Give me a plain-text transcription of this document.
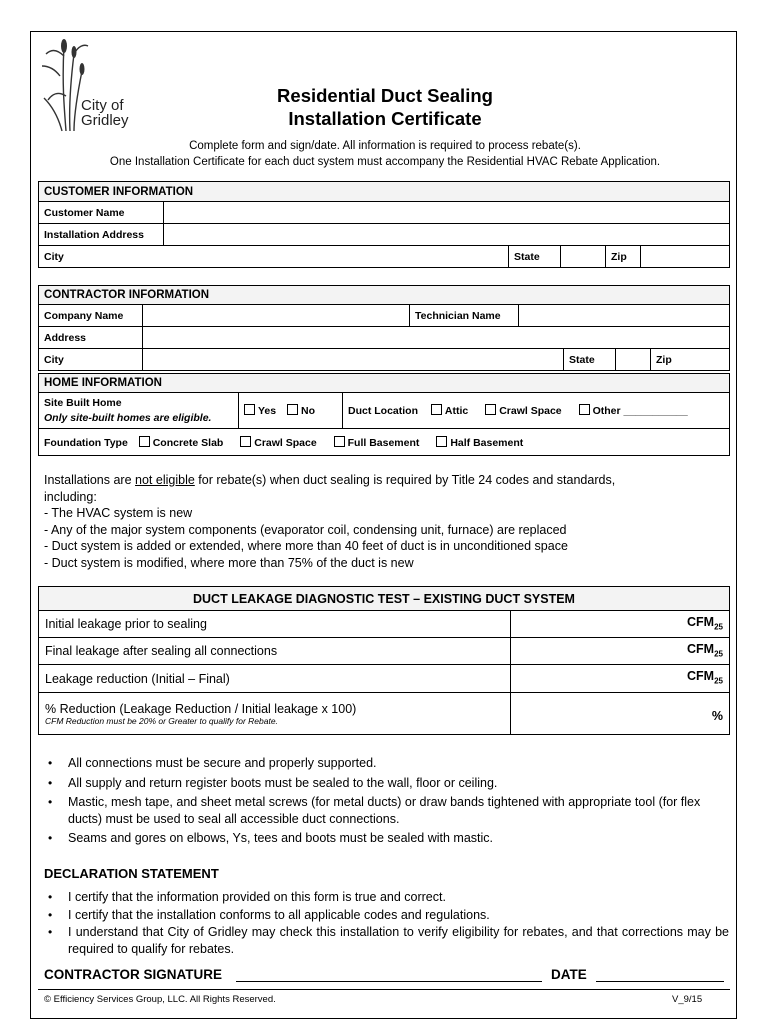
City of
Gridley
Residential Duct Sealing
Installation Certificate
Complete form and sign/date. All information is required to process rebate(s).
One Installation Certificate for each duct system must accompany the Residential HVAC Rebate Application.
CUSTOMER INFORMATION					
Customer Name					
Installation Address					
City		State		Zip	
CONTRACTOR INFORMATION						
Company Name		Technician Name				
Address						
City				State		Zip
HOME INFORMATION

Site Built Home
Only site-built homes are eligible.
	Yes No	Duct Location	Attic	Crawl Space	Other ___________
Foundation Type Concrete Slab	Crawl Space	Full Basement	Half Basement
Installations are not eligible for rebate(s) when duct sealing is required by Title 24 codes and standards,
including:
- The HVAC system is new
- Any of the major system components (evaporator coil, condensing unit, furnace) are replaced
- Duct system is added or extended, where more than 40 feet of duct is in unconditioned space
- Duct system is modified, where more than 75% of the duct is new
DUCT LEAKAGE DIAGNOSTIC TEST – EXISTING DUCT SYSTEM	
Initial leakage prior to sealing	$CFM_{25}$
Final leakage after sealing all connections	$CFM_{25}$
Leakage reduction (Initial – Final)	$CFM_{25}$

% Reduction (Leakage Reduction / Initial leakage x 100)
CFM Reduction must be 20% or Greater to qualify for Rebate.	%
• All connections must be secure and properly supported.
• All supply and return register boots must be sealed to the wall, floor or ceiling.
• Mastic, mesh tape, and sheet metal screws (for metal ducts) or draw bands tightened with appropriate tool (for flex ducts) must be used to seal all accessible duct connections.
• Seams and gores on elbows, Ys, tees and boots must be sealed with mastic.
DECLARATION STATEMENT
• I certify that the information provided on this form is true and correct.
• I certify that the installation conforms to all applicable codes and regulations.
• I understand that City of Gridley may check this installation to verify eligibility for rebates, and that corrections may be required to qualify for rebates.
CONTRACTOR SIGNATURE	DATE
© Efficiency Services Group, LLC. All Rights Reserved.	V_9/15
